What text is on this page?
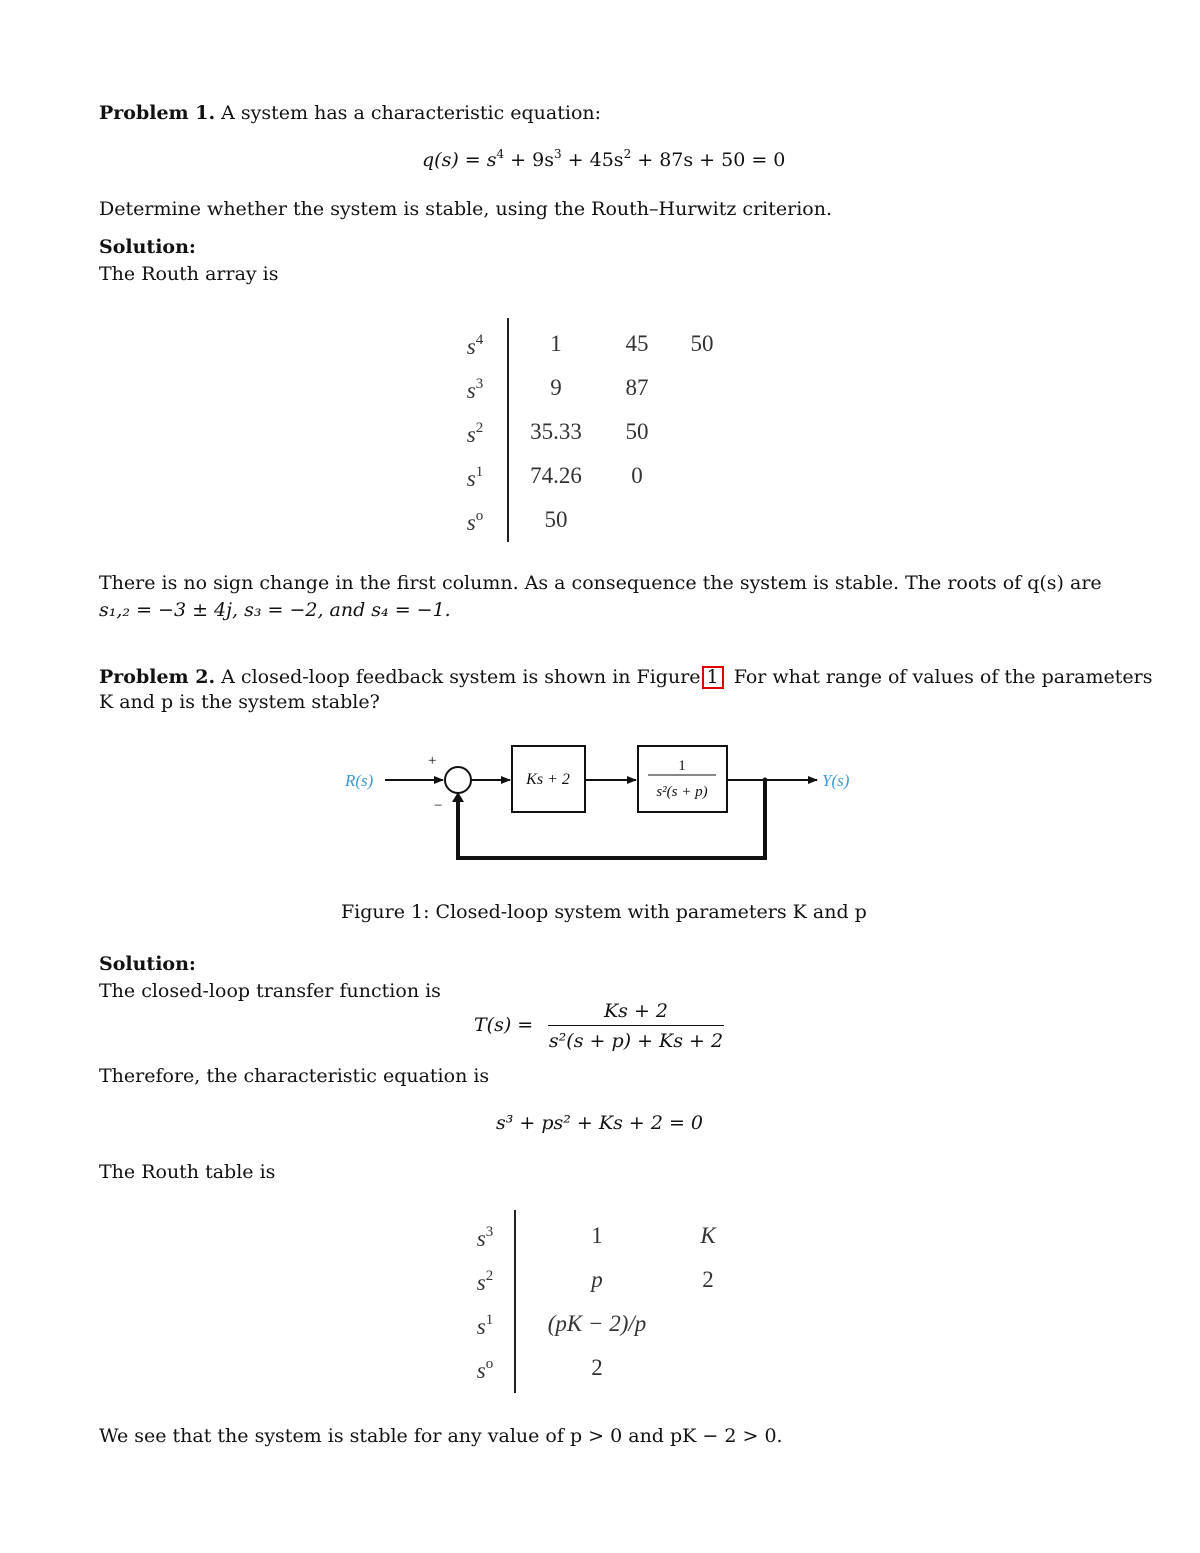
Problem 1. A system has a characteristic equation:
$q(s) = s^4 + 9s^3 + 45s^2 + 87s + 50 = 0$
Determine whether the system is stable, using the Routh–Hurwitz criterion.
Solution:
The Routh array is
$s^4$	1	45	50
$s^3$	9	87
$s^2$	35.33	50
$s^1$	74.26	0
$s^o$	50
There is no sign change in the first column. As a consequence the system is stable. The roots of q(s) are
s₁,₂ = −3 ± 4j, s₃ = −2, and s₄ = −1.
Problem 2. A closed-loop feedback system is shown in Figure 1 For what range of values of the parameters
K and p is the system stable?
R(s)
+
−
Ks + 2
1
s²(s + p)
Y(s)
Figure 1: Closed-loop system with parameters K and p
Solution:
The closed-loop transfer function is
T(s) =
Ks + 2
s²(s + p) + Ks + 2
Therefore, the characteristic equation is
s³ + ps² + Ks + 2 = 0
The Routh table is
$s^3$	1	K
$s^2$	p	2
$s^1$	(pK − 2)/p
$s^o$	2
We see that the system is stable for any value of p > 0 and pK − 2 > 0.
